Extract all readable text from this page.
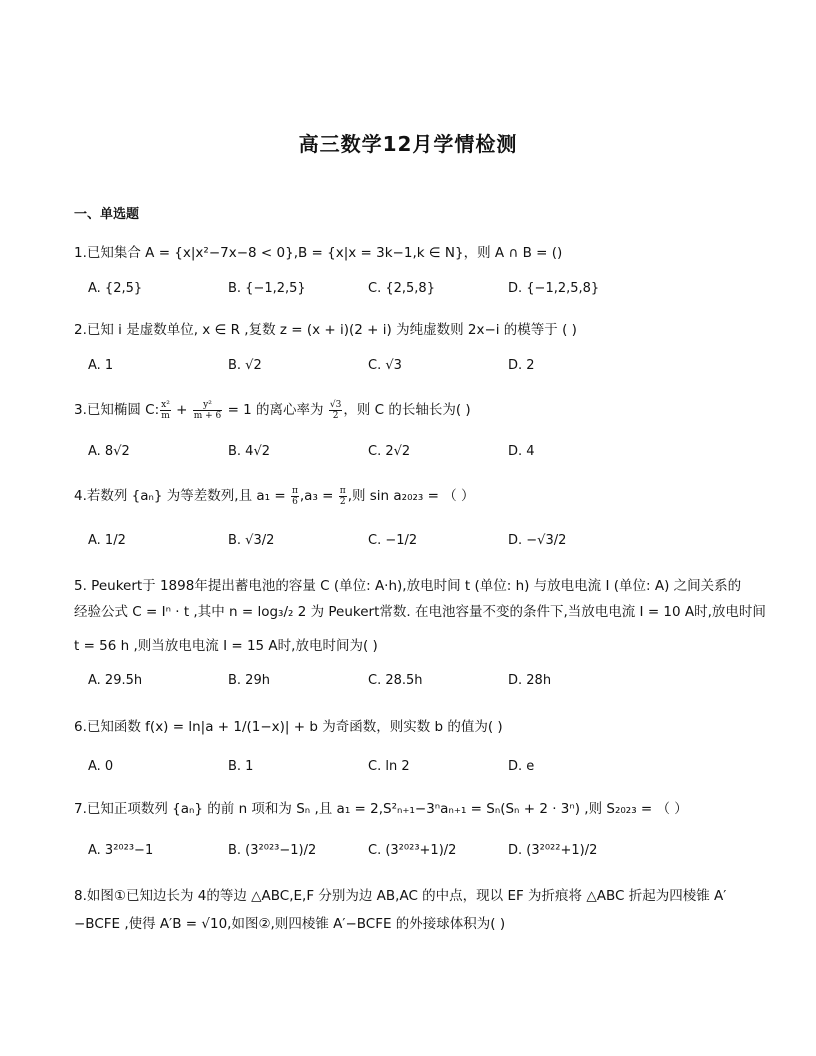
高三数学12月学情检测
一、单选题
1.已知集合 A = {x|x²−7x−8 < 0},B = {x|x = 3k−1,k ∈ N}，则 A ∩ B = ()
A. {2,5}	B. {−1,2,5}	C. {2,5,8}	D. {−1,2,5,8}
2.已知 i 是虚数单位, x ∈ R ,复数 z = (x + i)(2 + i) 为纯虚数则 2x−i 的模等于 ( )
A. 1	B. √2	C. √3	D. 2
3.已知椭圆 C: $\frac{\text{x²}}{m} + \frac{\text{y²}}{m + 6} = 1$ 的离心率为 $\frac{√3}{2}$ ，则 C 的长轴长为( )
A. 8√2	B. 4√2	C. 2√2	D. 4
4.若数列 {aₙ} 为等差数列,且 $a_1 = \frac{\pi}{6} ,a_3 = \frac{\pi}{2}$ ,则 sin a₂₀₂₃ = （ ）
A. 1/2	B. √3/2	C. −1/2	D. −√3/2
5. Peukert于 1898年提出蓄电池的容量 C (单位: A·h),放电时间 t (单位: h) 与放电电流 I (单位: A) 之间关系的
经验公式 C = Iⁿ · t ,其中 n = log₃/₂ 2 为 Peukert常数. 在电池容量不变的条件下,当放电电流 I = 10 A时,放电时间
t = 56 h ,则当放电电流 I = 15 A时,放电时间为( )
A. 29.5h	B. 29h	C. 28.5h	D. 28h
6.已知函数 f(x) = ln|a + 1/(1−x)| + b 为奇函数，则实数 b 的值为( )
A. 0	B. 1	C. ln 2	D. e
7.已知正项数列 {aₙ} 的前 n 项和为 Sₙ ,且 a₁ = 2,S²ₙ₊₁−3ⁿaₙ₊₁ = Sₙ(Sₙ + 2 · 3ⁿ) ,则 S₂₀₂₃ = （ ）
A. 3²⁰²³−1	B. (3²⁰²³−1)/2	C. (3²⁰²³+1)/2	D. (3²⁰²²+1)/2
8.如图①已知边长为 4的等边 △ABC,E,F 分别为边 AB,AC 的中点，现以 EF 为折痕将 △ABC 折起为四棱锥 A′
−BCFE ,使得 A′B = √10,如图②,则四棱锥 A′−BCFE 的外接球体积为( )
